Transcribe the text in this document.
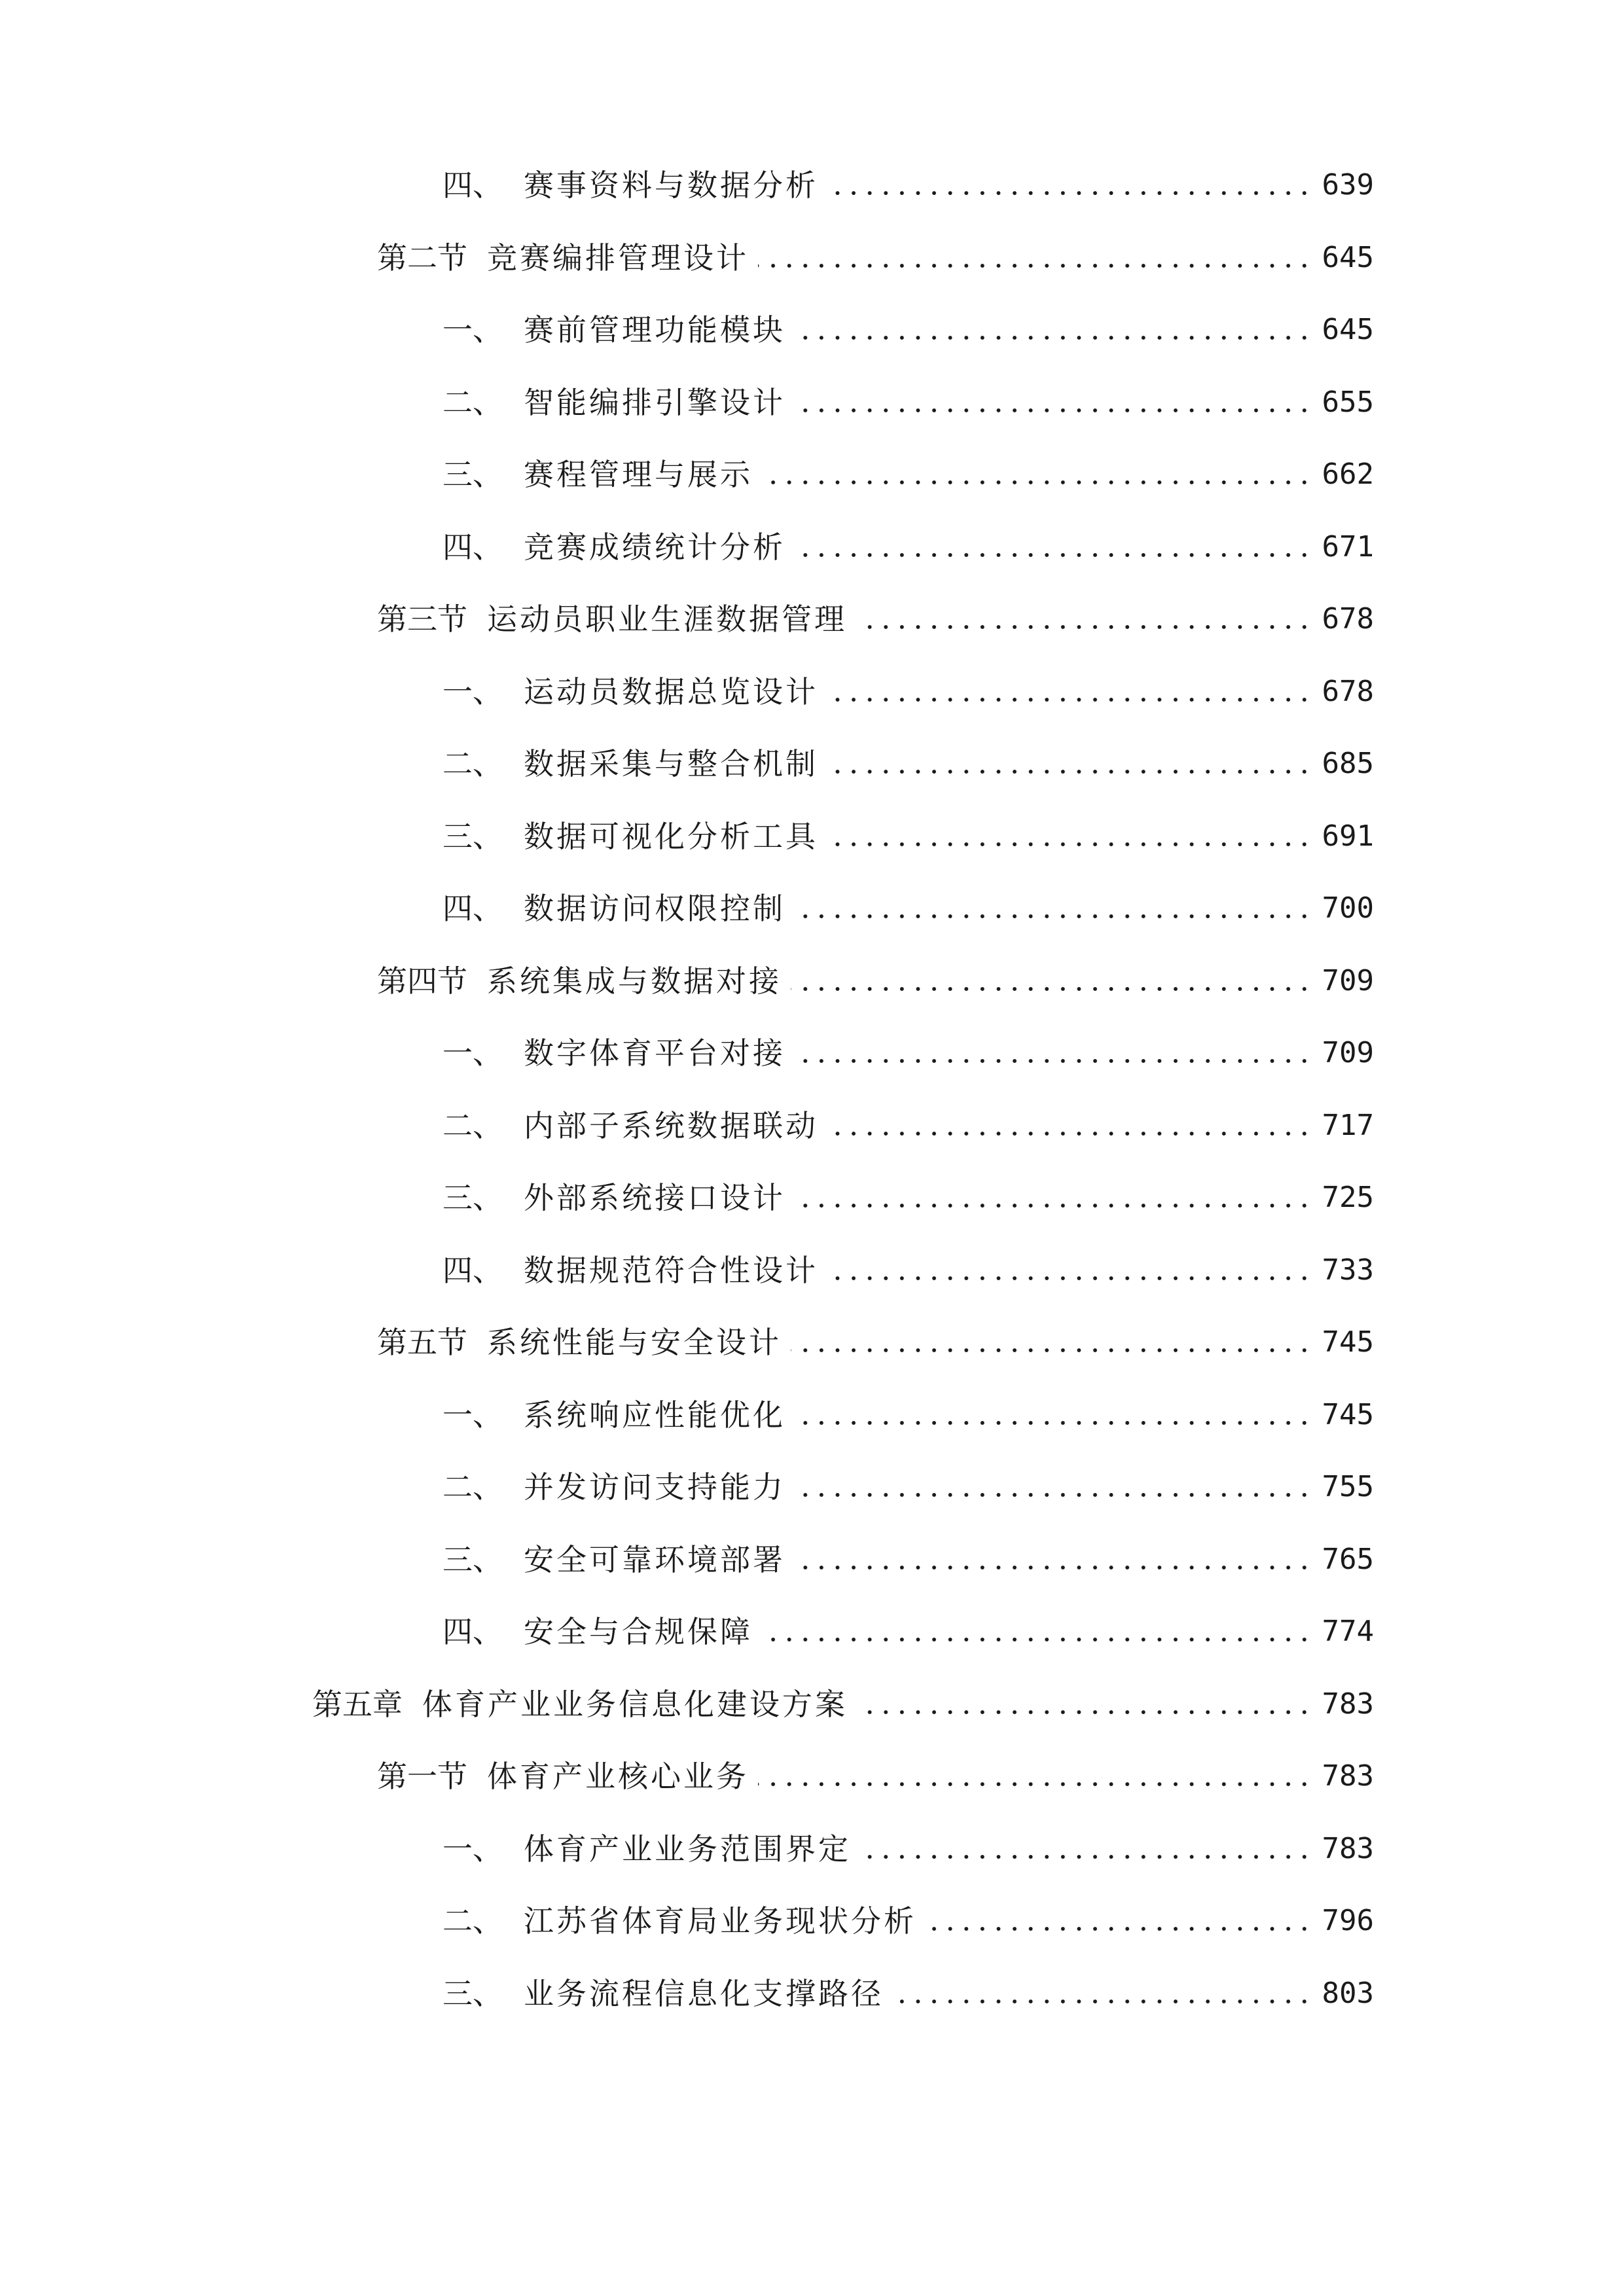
四、 赛事资料与数据分析	639
第二节 竞赛编排管理设计	645
一、 赛前管理功能模块	645
二、 智能编排引擎设计	655
三、 赛程管理与展示	662
四、 竞赛成绩统计分析	671
第三节 运动员职业生涯数据管理	678
一、 运动员数据总览设计	678
二、 数据采集与整合机制	685
三、 数据可视化分析工具	691
四、 数据访问权限控制	700
第四节 系统集成与数据对接	709
一、 数字体育平台对接	709
二、 内部子系统数据联动	717
三、 外部系统接口设计	725
四、 数据规范符合性设计	733
第五节 系统性能与安全设计	745
一、 系统响应性能优化	745
二、 并发访问支持能力	755
三、 安全可靠环境部署	765
四、 安全与合规保障	774
第五章 体育产业业务信息化建设方案	783
第一节 体育产业核心业务	783
一、 体育产业业务范围界定	783
二、 江苏省体育局业务现状分析	796
三、 业务流程信息化支撑路径	803
